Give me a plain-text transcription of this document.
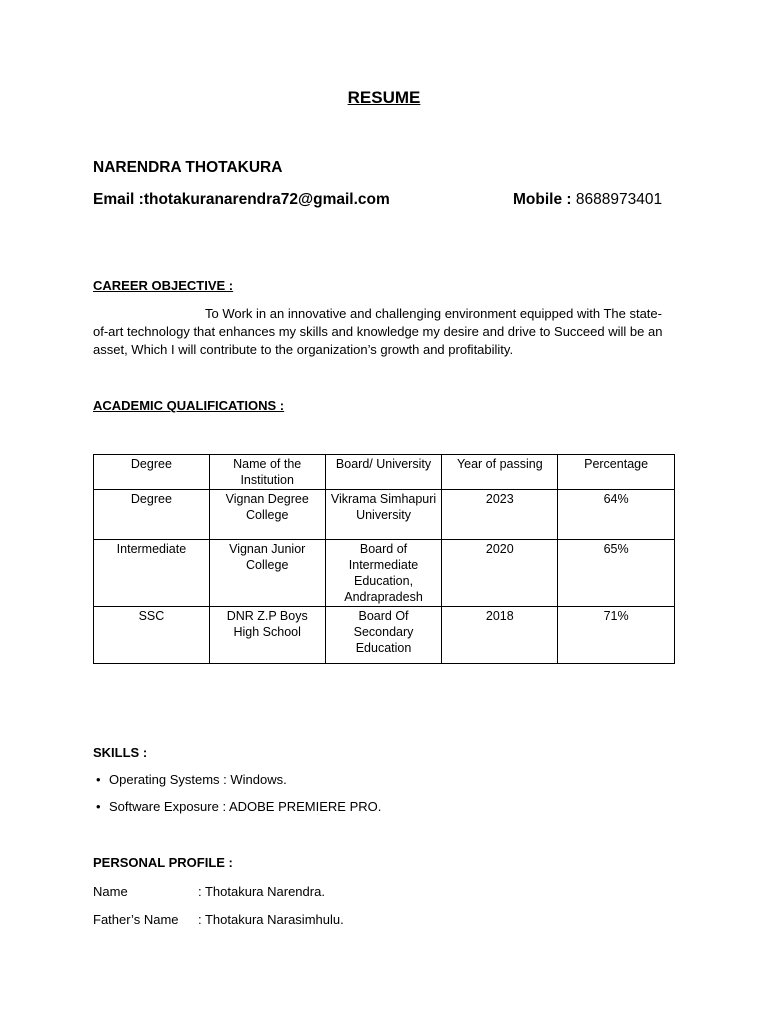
RESUME
NARENDRA THOTAKURA
Email :thotakuranarendra72@gmail.com	Mobile : 8688973401
CAREER OBJECTIVE :
To Work in an innovative and challenging environment equipped with The state-of-art technology that enhances my skills and knowledge my desire and drive to Succeed will be an asset, Which I will contribute to the organization’s growth and profitability.
ACADEMIC QUALIFICATIONS :
Degree	Name of the Institution	Board/ University	Year of passing	Percentage
Degree	Vignan Degree College	Vikrama Simhapuri University	2023	64%
Intermediate	Vignan Junior College	Board of Intermediate Education, Andrapradesh	2020	65%
SSC	DNR Z.P Boys High School	Board Of Secondary Education	2018	71%
SKILLS :
• Operating Systems : Windows.
• Software Exposure : ADOBE PREMIERE PRO.
PERSONAL PROFILE :
Name	: Thotakura Narendra.
Father’s Name : Thotakura Narasimhulu.
